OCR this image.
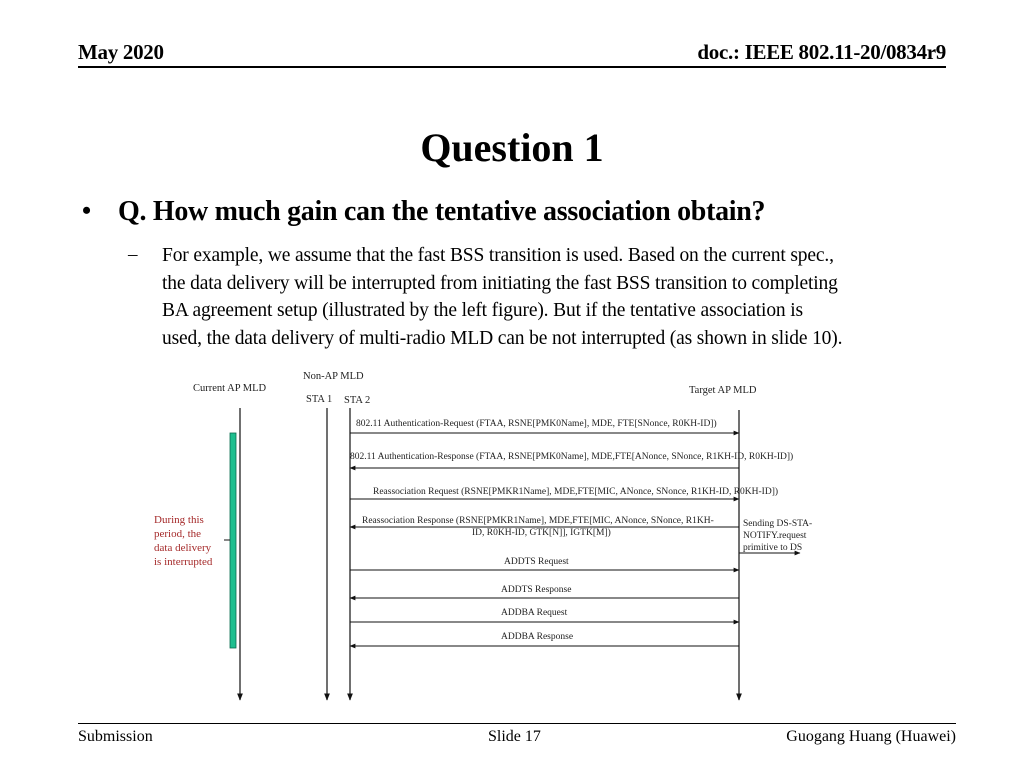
May 2020	doc.: IEEE 802.11-20/0834r9
Question 1
• Q. How much gain can the tentative association obtain?
– For example, we assume that the fast BSS transition is used. Based on the current spec.,
the data delivery will be interrupted from initiating the fast BSS transition to completing
BA agreement setup (illustrated by the left figure). But if the tentative association is
used, the data delivery of multi-radio MLD can be not interrupted (as shown in slide 10).
Current AP MLD
Non-AP MLD
STA 1 STA 2
Target AP MLD
802.11 Authentication-Request (FTAA, RSNE[PMK0Name], MDE, FTE[SNonce, R0KH-ID])
802.11 Authentication-Response (FTAA, RSNE[PMK0Name], MDE,FTE[ANonce, SNonce, R1KH-ID, R0KH-ID])
Reassociation Request (RSNE[PMKR1Name], MDE,FTE[MIC, ANonce, SNonce, R1KH-ID, R0KH-ID])
Reassociation Response (RSNE[PMKR1Name], MDE,FTE[MIC, ANonce, SNonce, R1KH-
ID, R0KH-ID, GTK[N]], IGTK[M])
ADDTS Request
ADDTS Response
ADDBA Request
ADDBA Response
Sending DS-STA-
NOTIFY.request
primitive to DS
During this
period, the
data delivery
is interrupted
Submission	Slide 17	Guogang Huang (Huawei)
